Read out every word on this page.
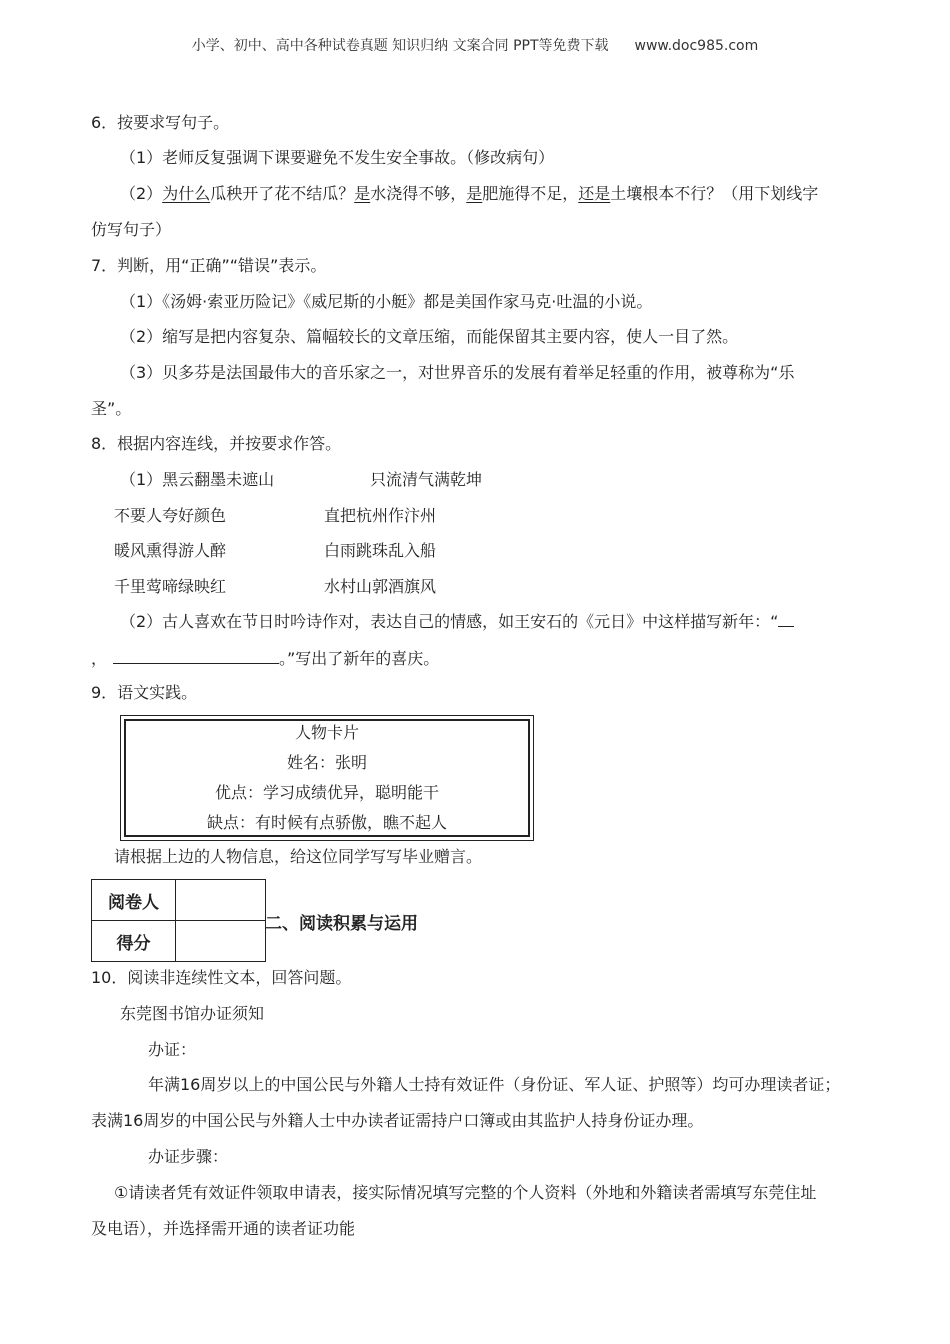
小学、初中、高中各种试卷真题 知识归纳 文案合同 PPT等免费下载 www.doc985.com
6．按要求写句子。
（1）老师反复强调下课要避免不发生安全事故。（修改病句）
（2）为什么瓜秧开了花不结瓜？是水浇得不够，是肥施得不足，还是土壤根本不行？（用下划线字
仿写句子）
7．判断，用“正确”“错误”表示。
（1）《汤姆·索亚历险记》《威尼斯的小艇》都是美国作家马克·吐温的小说。
（2）缩写是把内容复杂、篇幅较长的文章压缩，而能保留其主要内容，使人一目了然。
（3）贝多芬是法国最伟大的音乐家之一，对世界音乐的发展有着举足轻重的作用，被尊称为“乐
圣”。
8．根据内容连线，并按要求作答。
（1）黑云翻墨未遮山	只流清气满乾坤
不要人夸好颜色	直把杭州作汴州
暖风熏得游人醉	白雨跳珠乱入船
千里莺啼绿映红	水村山郭酒旗风
（2）古人喜欢在节日时吟诗作对，表达自己的情感，如王安石的《元日》中这样描写新年：“
，	。”写出了新年的喜庆。
9．语文实践。
人物卡片
姓名：张明
优点：学习成绩优异，聪明能干
缺点：有时候有点骄傲，瞧不起人
请根据上边的人物信息，给这位同学写写毕业赠言。
阅卷人	
得分	
二、阅读积累与运用
10．阅读非连续性文本，回答问题。
东莞图书馆办证须知
办证：
年满16周岁以上的中国公民与外籍人士持有效证件（身份证、军人证、护照等）均可办理读者证；
表满16周岁的中国公民与外籍人士中办读者证需持户口簿或由其监护人持身份证办理。
办证步骤：
①请读者凭有效证件领取申请表，接实际情况填写完整的个人资料（外地和外籍读者需填写东莞住址
及电语），并选择需开通的读者证功能
